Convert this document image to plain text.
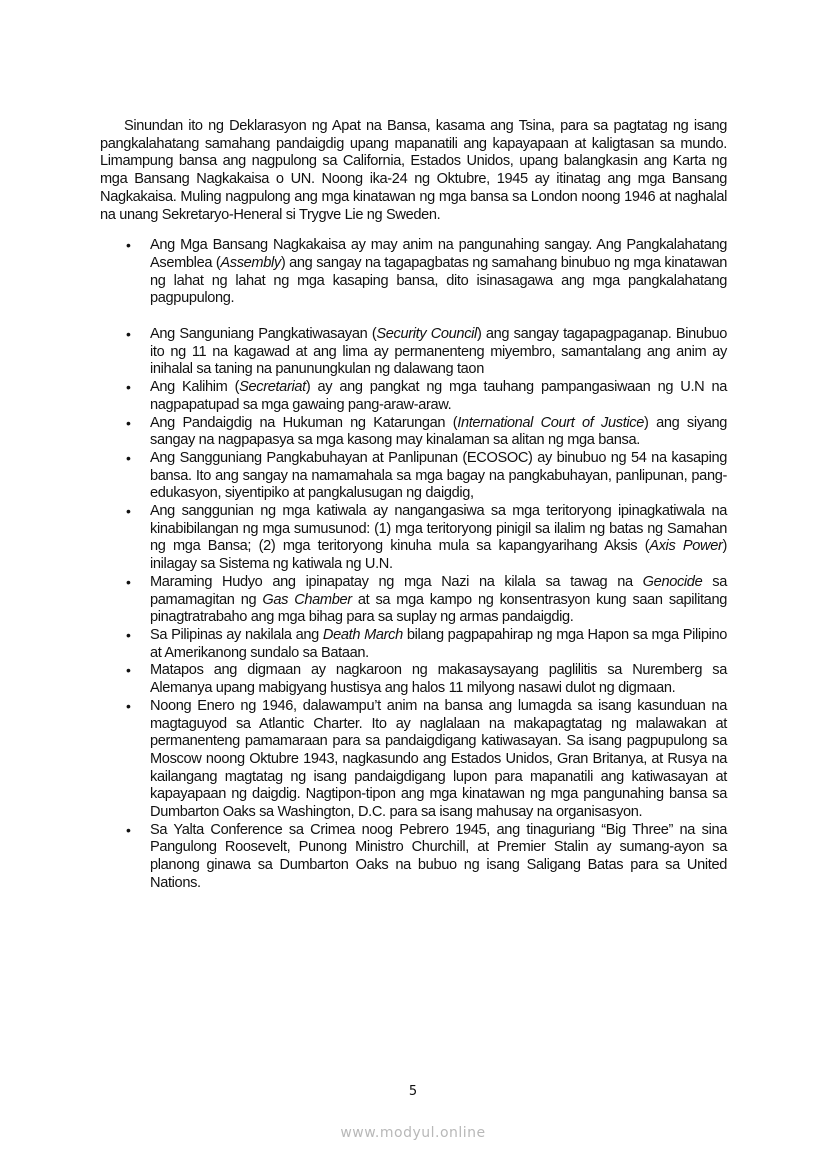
Sinundan ito ng Deklarasyon ng Apat na Bansa, kasama ang Tsina, para sa pagtatag ng isang pangkalahatang samahang pandaigdig upang mapanatili ang kapayapaan at kaligtasan sa mundo. Limampung bansa ang nagpulong sa California, Estados Unidos, upang balangkasin ang Karta ng mga Bansang Nagkakaisa o UN. Noong ika-24 ng Oktubre, 1945 ay itinatag ang mga Bansang Nagkakaisa. Muling nagpulong ang mga kinatawan ng mga bansa sa London noong 1946 at naghalal na unang Sekretaryo-Heneral si Trygve Lie ng Sweden.

• Ang Mga Bansang Nagkakaisa ay may anim na pangunahing sangay. Ang Pangkalahatang Asemblea (Assembly) ang sangay na tagapagbatas ng samahang binubuo ng mga kinatawan ng lahat ng lahat ng mga kasaping bansa, dito isinasagawa ang mga pangkalahatang pagpupulong.
• Ang Sanguniang Pangkatiwasayan (Security Council) ang sangay tagapagpaganap. Binubuo ito ng 11 na kagawad at ang lima ay permanenteng miyembro, samantalang ang anim ay inihalal sa taning na panunungkulan ng dalawang taon
• Ang Kalihim (Secretariat) ay ang pangkat ng mga tauhang pampangasiwaan ng U.N na nagpapatupad sa mga gawaing pang-araw-araw.
• Ang Pandaigdig na Hukuman ng Katarungan (International Court of Justice) ang siyang sangay na nagpapasya sa mga kasong may kinalaman sa alitan ng mga bansa.
• Ang Sangguniang Pangkabuhayan at Panlipunan (ECOSOC) ay binubuo ng 54 na kasaping bansa. Ito ang sangay na namamahala sa mga bagay na pangkabuhayan, panlipunan, pang-edukasyon, siyentipiko at pangkalusugan ng daigdig,
• Ang sanggunian ng mga katiwala ay nangangasiwa sa mga teritoryong ipinagkatiwala na kinabibilangan ng mga sumusunod: (1) mga teritoryong pinigil sa ilalim ng batas ng Samahan ng mga Bansa; (2) mga teritoryong kinuha mula sa kapangyarihang Aksis (Axis Power) inilagay sa Sistema ng katiwala ng U.N.
• Maraming Hudyo ang ipinapatay ng mga Nazi na kilala sa tawag na Genocide sa pamamagitan ng Gas Chamber at sa mga kampo ng konsentrasyon kung saan sapilitang pinagtratrabaho ang mga bihag para sa suplay ng armas pandaigdig.
• Sa Pilipinas ay nakilala ang Death March bilang pagpapahirap ng mga Hapon sa mga Pilipino at Amerikanong sundalo sa Bataan.
• Matapos ang digmaan ay nagkaroon ng makasaysayang paglilitis sa Nuremberg sa Alemanya upang mabigyang hustisya ang halos 11 milyong nasawi dulot ng digmaan.
• Noong Enero ng 1946, dalawampu’t anim na bansa ang lumagda sa isang kasunduan na magtaguyod sa Atlantic Charter. Ito ay naglalaan na makapagtatag ng malawakan at permanenteng pamamaraan para sa pandaigdigang katiwasayan. Sa isang pagpupulong sa Moscow noong Oktubre 1943, nagkasundo ang Estados Unidos, Gran Britanya, at Rusya na kailangang magtatag ng isang pandaigdigang lupon para mapanatili ang katiwasayan at kapayapaan ng daigdig. Nagtipon-tipon ang mga kinatawan ng mga pangunahing bansa sa Dumbarton Oaks sa Washington, D.C. para sa isang mahusay na organisasyon.
• Sa Yalta Conference sa Crimea noog Pebrero 1945, ang tinaguriang “Big Three” na sina Pangulong Roosevelt, Punong Ministro Churchill, at Premier Stalin ay sumang-ayon sa planong ginawa sa Dumbarton Oaks na bubuo ng isang Saligang Batas para sa United Nations.
5
www.modyul.online
